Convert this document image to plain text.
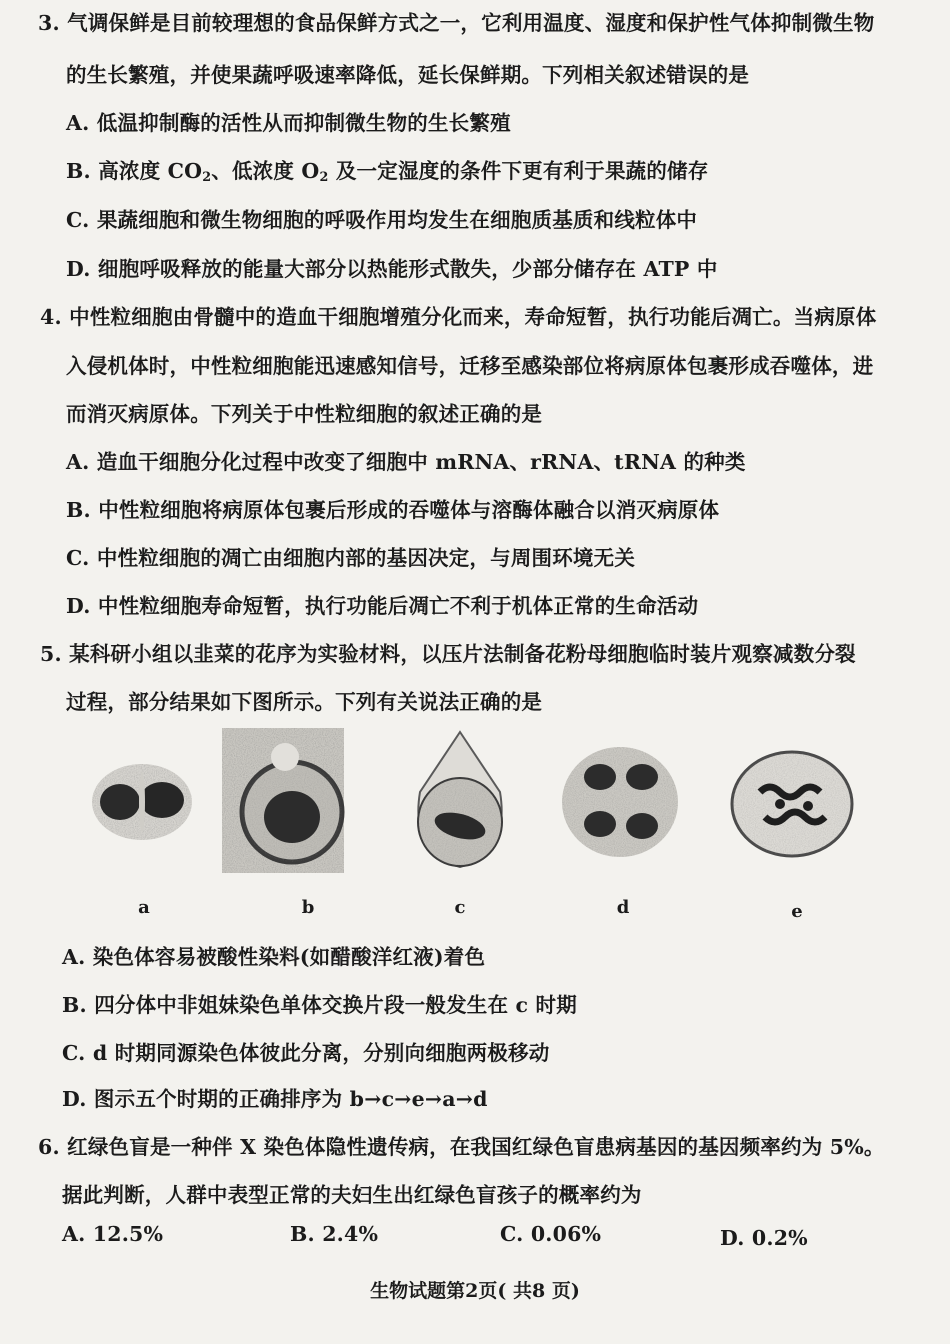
3. 气调保鲜是目前较理想的食品保鲜方式之一，它利用温度、湿度和保护性气体抑制微生物
的生长繁殖，并使果蔬呼吸速率降低，延长保鲜期。下列相关叙述错误的是
A. 低温抑制酶的活性从而抑制微生物的生长繁殖
B. 高浓度 $CO_2$、低浓度 $O_2$ 及一定湿度的条件下更有利于果蔬的储存
C. 果蔬细胞和微生物细胞的呼吸作用均发生在细胞质基质和线粒体中
D. 细胞呼吸释放的能量大部分以热能形式散失，少部分储存在 ATP 中
4. 中性粒细胞由骨髓中的造血干细胞增殖分化而来，寿命短暂，执行功能后凋亡。当病原体
入侵机体时，中性粒细胞能迅速感知信号，迁移至感染部位将病原体包裹形成吞噬体，进
而消灭病原体。下列关于中性粒细胞的叙述正确的是
A. 造血干细胞分化过程中改变了细胞中 mRNA、rRNA、tRNA 的种类
B. 中性粒细胞将病原体包裹后形成的吞噬体与溶酶体融合以消灭病原体
C. 中性粒细胞的凋亡由细胞内部的基因决定，与周围环境无关
D. 中性粒细胞寿命短暂，执行功能后凋亡不利于机体正常的生命活动
5. 某科研小组以韭菜的花序为实验材料，以压片法制备花粉母细胞临时装片观察减数分裂
过程，部分结果如下图所示。下列有关说法正确的是
a	b	c	d	e
A. 染色体容易被酸性染料(如醋酸洋红液)着色
B. 四分体中非姐妹染色单体交换片段一般发生在 c 时期
C. d 时期同源染色体彼此分离，分别向细胞两极移动
D. 图示五个时期的正确排序为 b→c→e→a→d
6. 红绿色盲是一种伴 X 染色体隐性遗传病，在我国红绿色盲患病基因的基因频率约为 5%。
据此判断，人群中表型正常的夫妇生出红绿色盲孩子的概率约为
A. 12.5%	B. 2.4%	C. 0.06%	D. 0.2%
生物试题第2页( 共8 页)
